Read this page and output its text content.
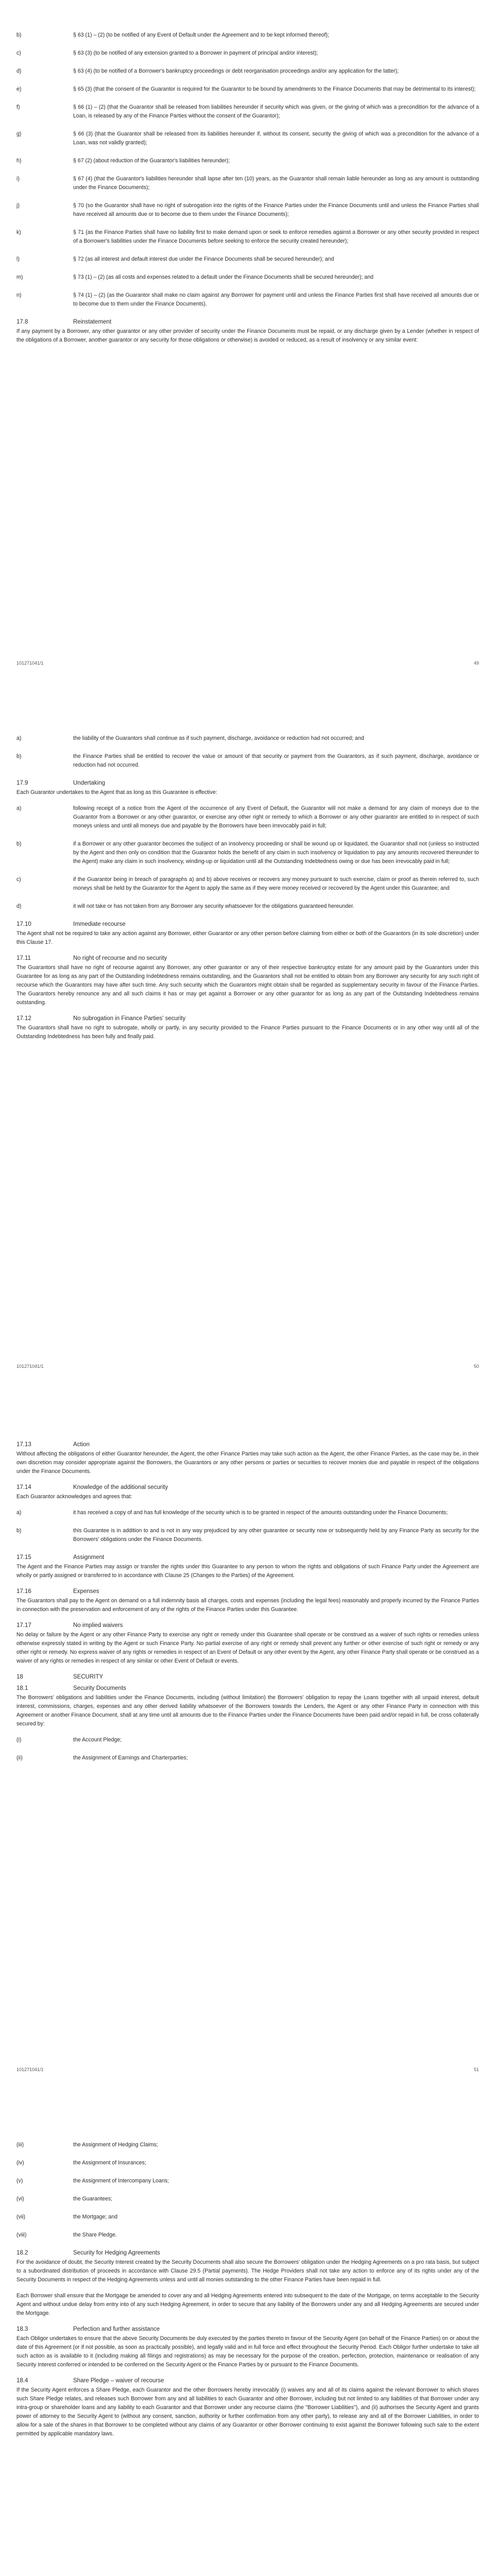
b)	§ 63 (1) – (2) (to be notified of any Event of Default under the Agreement and to be kept informed thereof);
c)	§ 63 (3) (to be notified of any extension granted to a Borrower in payment of principal and/or interest);
d)	§ 63 (4) (to be notified of a Borrower's bankruptcy proceedings or debt reorganisation proceedings and/or any application for the latter);
e)	§ 65 (3) (that the consent of the Guarantor is required for the Guarantor to be bound by amendments to the Finance Documents that may be detrimental to its interest);
f)	§ 66 (1) – (2) (that the Guarantor shall be released from liabilities hereunder if security which was given, or the giving of which was a precondition for the advance of a Loan, is released by any of the Finance Parties without the consent of the Guarantor);
g)	§ 66 (3) (that the Guarantor shall be released from its liabilities hereunder if, without its consent, security the giving of which was a precondition for the advance of a Loan, was not validly granted);
h)	§ 67 (2) (about reduction of the Guarantor's liabilities hereunder);
i)	§ 67 (4) (that the Guarantor's liabilities hereunder shall lapse after ten (10) years, as the Guarantor shall remain liable hereunder as long as any amount is outstanding under the Finance Documents);
j)	§ 70 (so the Guarantor shall have no right of subrogation into the rights of the Finance Parties under the Finance Documents until and unless the Finance Parties shall have received all amounts due or to become due to them under the Finance Documents);
k)	§ 71 (as the Finance Parties shall have no liability first to make demand upon or seek to enforce remedies against a Borrower or any other security provided in respect of a Borrower's liabilities under the Finance Documents before seeking to enforce the security created hereunder);
l)	§ 72 (as all interest and default interest due under the Finance Documents shall be secured hereunder); and
m)	§ 73 (1) – (2) (as all costs and expenses related to a default under the Finance Documents shall be secured hereunder); and
n)	§ 74 (1) – (2) (as the Guarantor shall make no claim against any Borrower for payment until and unless the Finance Parties first shall have received all amounts due or to become due to them under the Finance Documents).
17.8	Reinstatement

If any payment by a Borrower, any other guarantor or any other provider of security under the Finance Documents must be repaid, or any discharge given by a Lender (whether in respect of the obligations of a Borrower, another guarantor or any security for those obligations or otherwise) is avoided or reduced, as a result of insolvency or any similar event:

101271041/1	49
a)	the liability of the Guarantors shall continue as if such payment, discharge, avoidance or reduction had not occurred; and
b)	the Finance Parties shall be entitled to recover the value or amount of that security or payment from the Guarantors, as if such payment, discharge, avoidance or reduction had not occurred.
17.9	Undertaking

Each Guarantor undertakes to the Agent that as long as this Guarantee is effective:

a)	following receipt of a notice from the Agent of the occurrence of any Event of Default, the Guarantor will not make a demand for any claim of moneys due to the Guarantor from a Borrower or any other guarantor, or exercise any other right or remedy to which a Borrower or any other guarantor are entitled to in respect of such moneys unless and until all moneys due and payable by the Borrowers have been irrevocably paid in full;
b)	if a Borrower or any other guarantor becomes the subject of an insolvency proceeding or shall be wound up or liquidated, the Guarantor shall not (unless so instructed by the Agent and then only on condition that the Guarantor holds the benefit of any claim in such insolvency or liquidation to pay any amounts recovered thereunder to the Agent) make any claim in such insolvency, winding-up or liquidation until all the Outstanding Indebtedness owing or due has been irrevocably paid in full;
c)	if the Guarantor being in breach of paragraphs a) and b) above receives or recovers any money pursuant to such exercise, claim or proof as therein referred to, such moneys shall be held by the Guarantor for the Agent to apply the same as if they were money received or recovered by the Agent under this Guarantee; and
d)	it will not take or has not taken from any Borrower any security whatsoever for the obligations guaranteed hereunder.
17.10	Immediate recourse

The Agent shall not be required to take any action against any Borrower, either Guarantor or any other person before claiming from either or both of the Guarantors (in its sole discretion) under this Clause 17.

17.11	No right of recourse and no security

The Guarantors shall have no right of recourse against any Borrower, any other guarantor or any of their respective bankruptcy estate for any amount paid by the Guarantors under this Guarantee for as long as any part of the Outstanding Indebtedness remains outstanding, and the Guarantors shall not be entitled to obtain from any Borrower any security for any such right of recourse which the Guarantors may have after such time. Any such security which the Guarantors might obtain shall be regarded as supplementary security in favour of the Finance Parties. The Guarantors hereby renounce any and all such claims it has or may get against a Borrower or any other guarantor for as long as any part of the Outstanding Indebtedness remains outstanding.

17.12	No subrogation in Finance Parties' security

The Guarantors shall have no right to subrogate, wholly or partly, in any security provided to the Finance Parties pursuant to the Finance Documents or in any other way until all of the Outstanding Indebtedness has been fully and finally paid.

101271041/1	50
17.13	Action

Without affecting the obligations of either Guarantor hereunder, the Agent, the other Finance Parties may take such action as the Agent, the other Finance Parties, as the case may be, in their own discretion may consider appropriate against the Borrowers, the Guarantors or any other persons or parties or securities to recover monies due and payable in respect of the obligations under the Finance Documents.

17.14	Knowledge of the additional security

Each Guarantor acknowledges and agrees that:

a)	it has received a copy of and has full knowledge of the security which is to be granted in respect of the amounts outstanding under the Finance Documents;
b)	this Guarantee is in addition to and is not in any way prejudiced by any other guarantee or security now or subsequently held by any Finance Party as security for the Borrowers' obligations under the Finance Documents.
17.15	Assignment

The Agent and the Finance Parties may assign or transfer the rights under this Guarantee to any person to whom the rights and obligations of such Finance Party under the Agreement are wholly or partly assigned or transferred to in accordance with Clause 25 (Changes to the Parties) of the Agreement.

17.16	Expenses

The Guarantors shall pay to the Agent on demand on a full indemnity basis all charges, costs and expenses (including the legal fees) reasonably and properly incurred by the Finance Parties in connection with the preservation and enforcement of any of the rights of the Finance Parties under this Guarantee.

17.17	No implied waivers

No delay or failure by the Agent or any other Finance Party to exercise any right or remedy under this Guarantee shall operate or be construed as a waiver of such rights or remedies unless otherwise expressly stated in writing by the Agent or such Finance Party. No partial exercise of any right or remedy shall prevent any further or other exercise of such right or remedy or any other right or remedy. No express waiver of any rights or remedies in respect of an Event of Default or any other event by the Agent, any other Finance Party shall operate or be construed as a waiver of any rights or remedies in respect of any similar or other Event of Default or events.

18	SECURITY
18.1	Security Documents

The Borrowers' obligations and liabilities under the Finance Documents, including (without limitation) the Borrowers' obligation to repay the Loans together with all unpaid interest, default interest, commissions, charges, expenses and any other derived liability whatsoever of the Borrowers towards the Lenders, the Agent or any other Finance Party in connection with this Agreement or another Finance Document, shall at any time until all amounts due to the Finance Parties under the Finance Documents have been paid and/or repaid in full, be cross collaterally secured by:

(i)	the Account Pledge;
(ii)	the Assignment of Earnings and Charterparties;
101271041/1	51
(iii)	the Assignment of Hedging Claims;
(iv)	the Assignment of Insurances;
(v)	the Assignment of Intercompany Loans;
(vi)	the Guarantees;
(vii)	the Mortgage; and
(viii)	the Share Pledge.
18.2	Security for Hedging Agreements

For the avoidance of doubt, the Security Interest created by the Security Documents shall also secure the Borrowers' obligation under the Hedging Agreements on a pro rata basis, but subject to a subordinated distribution of proceeds in accordance with Clause 29.5 (Partial payments). The Hedge Providers shall not take any action to enforce any of its rights under any of the Security Documents in respect of the Hedging Agreements unless and until all monies outstanding to the other Finance Parties have been repaid in full.

Each Borrower shall ensure that the Mortgage be amended to cover any and all Hedging Agreements entered into subsequent to the date of the Mortgage, on terms acceptable to the Security Agent and without undue delay from entry into of any such Hedging Agreement, in order to secure that any liability of the Borrowers under any and all Hedging Agreements are secured under the Mortgage.

18.3	Perfection and further assistance

Each Obligor undertakes to ensure that the above Security Documents be duly executed by the parties thereto in favour of the Security Agent (on behalf of the Finance Parties) on or about the date of this Agreement (or if not possible, as soon as practically possible), and legally valid and in full force and effect throughout the Security Period. Each Obligor further undertake to take all such action as is available to it (including making all filings and registrations) as may be necessary for the purpose of the creation, perfection, protection, maintenance or realisation of any Security Interest conferred or intended to be conferred on the Security Agent or the Finance Parties by or pursuant to the Finance Documents.

18.4	Share Pledge – waiver of recourse

If the Security Agent enforces a Share Pledge, each Guarantor and the other Borrowers hereby irrevocably (i) waives any and all of its claims against the relevant Borrower to which shares such Share Pledge relates, and releases such Borrower from any and all liabilities to each Guarantor and other Borrower, including but not limited to any liabilities of that Borrower under any intra-group or shareholder loans and any liability to each Guarantor and that Borrower under any recourse claims (the "Borrower Liabilities"), and (ii) authorises the Security Agent and grants power of attorney to the Security Agent to (without any consent, sanction, authority or further confirmation from any other party), to release any and all of the Borrower Liabilities, in order to allow for a sale of the shares in that Borrower to be completed without any claims of any Guarantor or other Borrower continuing to exist against the Borrower following such sale to the extent permitted by applicable mandatory laws.
